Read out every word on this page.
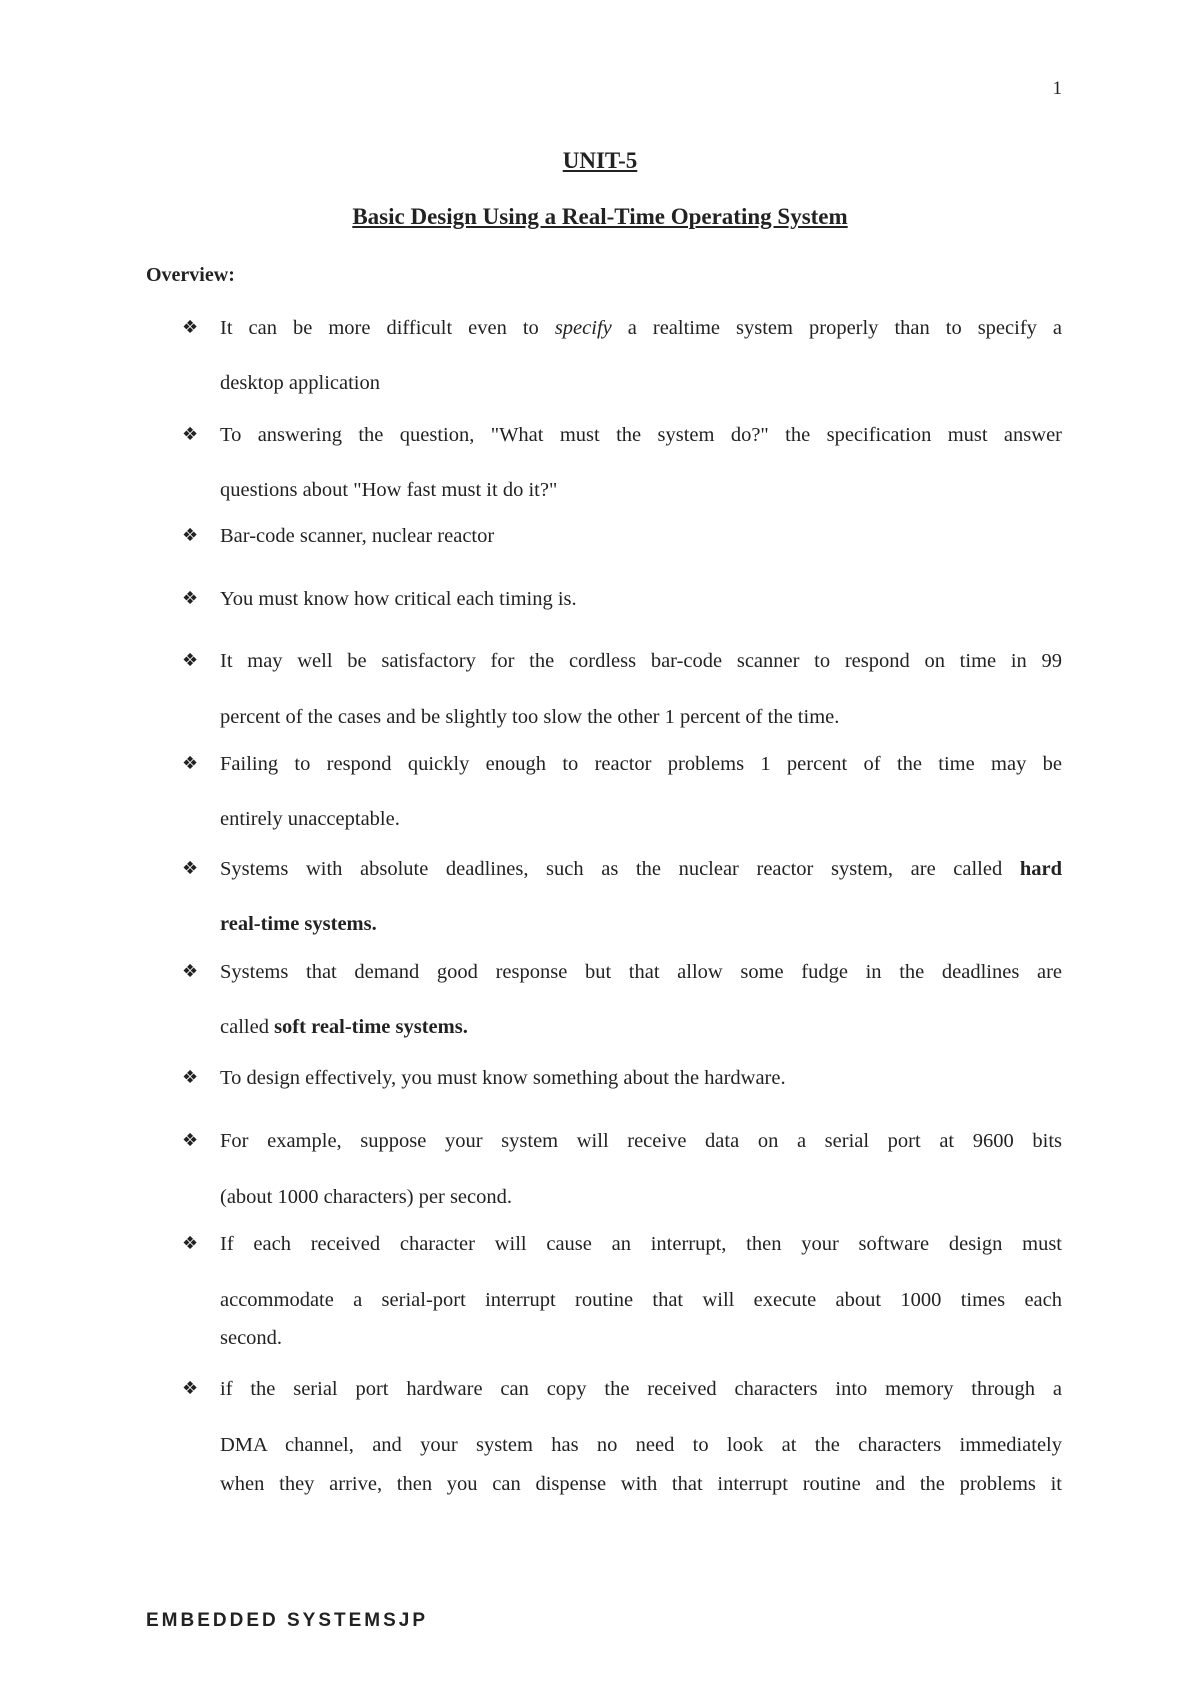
1
UNIT-5
Basic Design Using a Real-Time Operating System
Overview:
❖ It can be more difficult even to specify a realtime system properly than to specify a
desktop application
❖ To answering the question, "What must the system do?" the specification must answer
questions about "How fast must it do it?"
❖ Bar-code scanner, nuclear reactor
❖ You must know how critical each timing is.
❖ It may well be satisfactory for the cordless bar-code scanner to respond on time in 99
percent of the cases and be slightly too slow the other 1 percent of the time.
❖ Failing to respond quickly enough to reactor problems 1 percent of the time may be
entirely unacceptable.
❖ Systems with absolute deadlines, such as the nuclear reactor system, are called hard
real-time systems.
❖ Systems that demand good response but that allow some fudge in the deadlines are
called soft real-time systems.
❖ To design effectively, you must know something about the hardware.
❖ For example, suppose your system will receive data on a serial port at 9600 bits
(about 1000 characters) per second.
❖ If each received character will cause an interrupt, then your software design must
accommodate a serial-port interrupt routine that will execute about 1000 times each
second.
❖ if the serial port hardware can copy the received characters into memory through a
DMA channel, and your system has no need to look at the characters immediately
when they arrive, then you can dispense with that interrupt routine and the problems it
EMBEDDED SYSTEMSJP
